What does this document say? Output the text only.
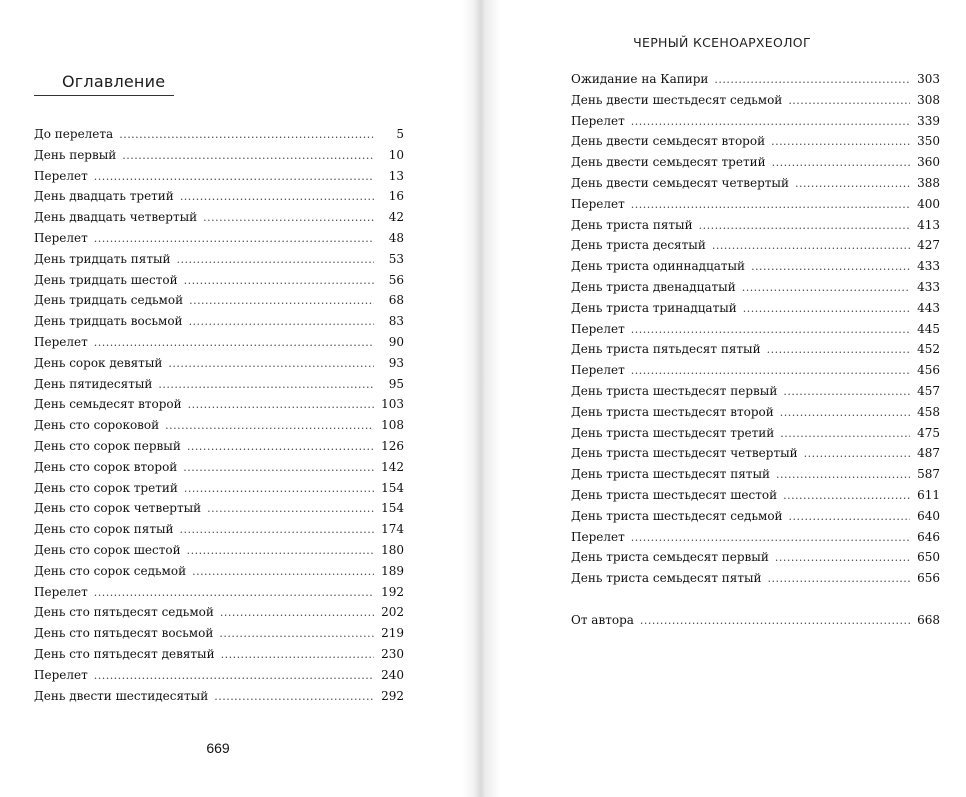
Оглавление
До перелета . . .	5
День первый . . .	10
Перелет . . .	13
День двадцать третий . . .	16
День двадцать четвертый . . .	42
Перелет . . .	48
День тридцать пятый . . .	53
День тридцать шестой . . .	56
День тридцать седьмой . . .	68
День тридцать восьмой . . .	83
Перелет . . .	90
День сорок девятый . . .	93
День пятидесятый . . .	95
День семьдесят второй . . .	103
День сто сороковой . . .	108
День сто сорок первый . . .	126
День сто сорок второй . . .	142
День сто сорок третий . . .	154
День сто сорок четвертый . . .	154
День сто сорок пятый . . .	174
День сто сорок шестой . . .	180
День сто сорок седьмой . . .	189
Перелет . . .	192
День сто пятьдесят седьмой . . .	202
День сто пятьдесят восьмой . . .	219
День сто пятьдесят девятый . . .	230
Перелет . . .	240
День двести шестидесятый . . .	292
669
ЧЕРНЫЙ КСЕНОАРХЕОЛОГ
Ожидание на Капири . . .	303
День двести шестьдесят седьмой . . .	308
Перелет . . .	339
День двести семьдесят второй . . .	350
День двести семьдесят третий . . .	360
День двести семьдесят четвертый . . .	388
Перелет . . .	400
День триста пятый . . .	413
День триста десятый . . .	427
День триста одиннадцатый . . .	433
День триста двенадцатый . . .	433
День триста тринадцатый . . .	443
Перелет . . .	445
День триста пятьдесят пятый . . .	452
Перелет . . .	456
День триста шестьдесят первый . . .	457
День триста шестьдесят второй . . .	458
День триста шестьдесят третий . . .	475
День триста шестьдесят четвертый . . .	487
День триста шестьдесят пятый . . .	587
День триста шестьдесят шестой . . .	611
День триста шестьдесят седьмой . . .	640
Перелет . . .	646
День триста семьдесят первый . . .	650
День триста семьдесят пятый . . .	656
От автора . . .	668
